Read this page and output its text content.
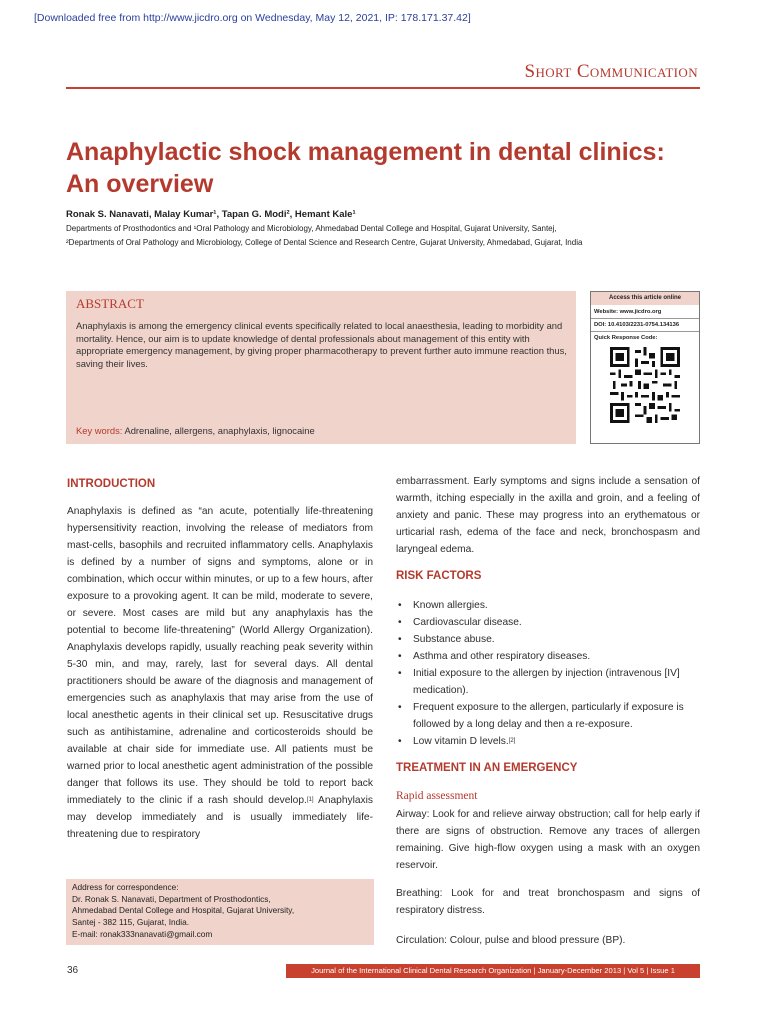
[Downloaded free from http://www.jicdro.org on Wednesday, May 12, 2021, IP: 178.171.37.42]
Short Communication
Anaphylactic shock management in dental clinics:
An overview
Ronak S. Nanavati, Malay Kumar¹, Tapan G. Modi², Hemant Kale¹
Departments of Prosthodontics and ¹Oral Pathology and Microbiology, Ahmedabad Dental College and Hospital, Gujarat University, Santej,
²Departments of Oral Pathology and Microbiology, College of Dental Science and Research Centre, Gujarat University, Ahmedabad, Gujarat, India
ABSTRACT
Anaphylaxis is among the emergency clinical events specifically related to local anaesthesia, leading to morbidity and mortality. Hence, our aim is to update knowledge of dental professionals about management of this entity with appropriate emergency management, by giving proper pharmacotherapy to prevent further auto immune reaction thus, saving their lives.
Key words: Adrenaline, allergens, anaphylaxis, lignocaine
Access this article online
Website: www.jicdro.org
DOI: 10.4103/2231-0754.134136
Quick Response Code:
INTRODUCTION
Anaphylaxis is defined as “an acute, potentially life-threatening hypersensitivity reaction, involving the release of mediators from mast-cells, basophils and recruited inflammatory cells. Anaphylaxis is defined by a number of signs and symptoms, alone or in combination, which occur within minutes, or up to a few hours, after exposure to a provoking agent. It can be mild, moderate to severe, or severe. Most cases are mild but any anaphylaxis has the potential to become life-threatening” (World Allergy Organization). Anaphylaxis develops rapidly, usually reaching peak severity within 5-30 min, and may, rarely, last for several days. All dental practitioners should be aware of the diagnosis and management of emergencies such as anaphylaxis that may arise from the use of local anesthetic agents in their clinical set up. Resuscitative drugs such as antihistamine, adrenaline and corticosteroids should be available at chair side for immediate use. All patients must be warned prior to local anesthetic agent administration of the possible danger that follows its use. They should be told to report back immediately to the clinic if a rash should develop.[1] Anaphylaxis may develop immediately and is usually immediately life-threatening due to respiratory
embarrassment. Early symptoms and signs include a sensation of warmth, itching especially in the axilla and groin, and a feeling of anxiety and panic. These may progress into an erythematous or urticarial rash, edema of the face and neck, bronchospasm and laryngeal edema.
RISK FACTORS
• Known allergies.
• Cardiovascular disease.
• Substance abuse.
• Asthma and other respiratory diseases.
• Initial exposure to the allergen by injection (intravenous [IV] medication).
• Frequent exposure to the allergen, particularly if exposure is followed by a long delay and then a re-exposure.
• Low vitamin D levels.[2]
TREATMENT IN AN EMERGENCY
Rapid assessment
Airway: Look for and relieve airway obstruction; call for help early if there are signs of obstruction. Remove any traces of allergen remaining. Give high-flow oxygen using a mask with an oxygen reservoir.
Breathing: Look for and treat bronchospasm and signs of respiratory distress.
Circulation: Colour, pulse and blood pressure (BP).
Address for correspondence:
Dr. Ronak S. Nanavati, Department of Prosthodontics,
Ahmedabad Dental College and Hospital, Gujarat University,
Santej - 382 115, Gujarat, India.
E-mail: ronak333nanavati@gmail.com
36	Journal of the International Clinical Dental Research Organization | January-December 2013 | Vol 5 | Issue 1
